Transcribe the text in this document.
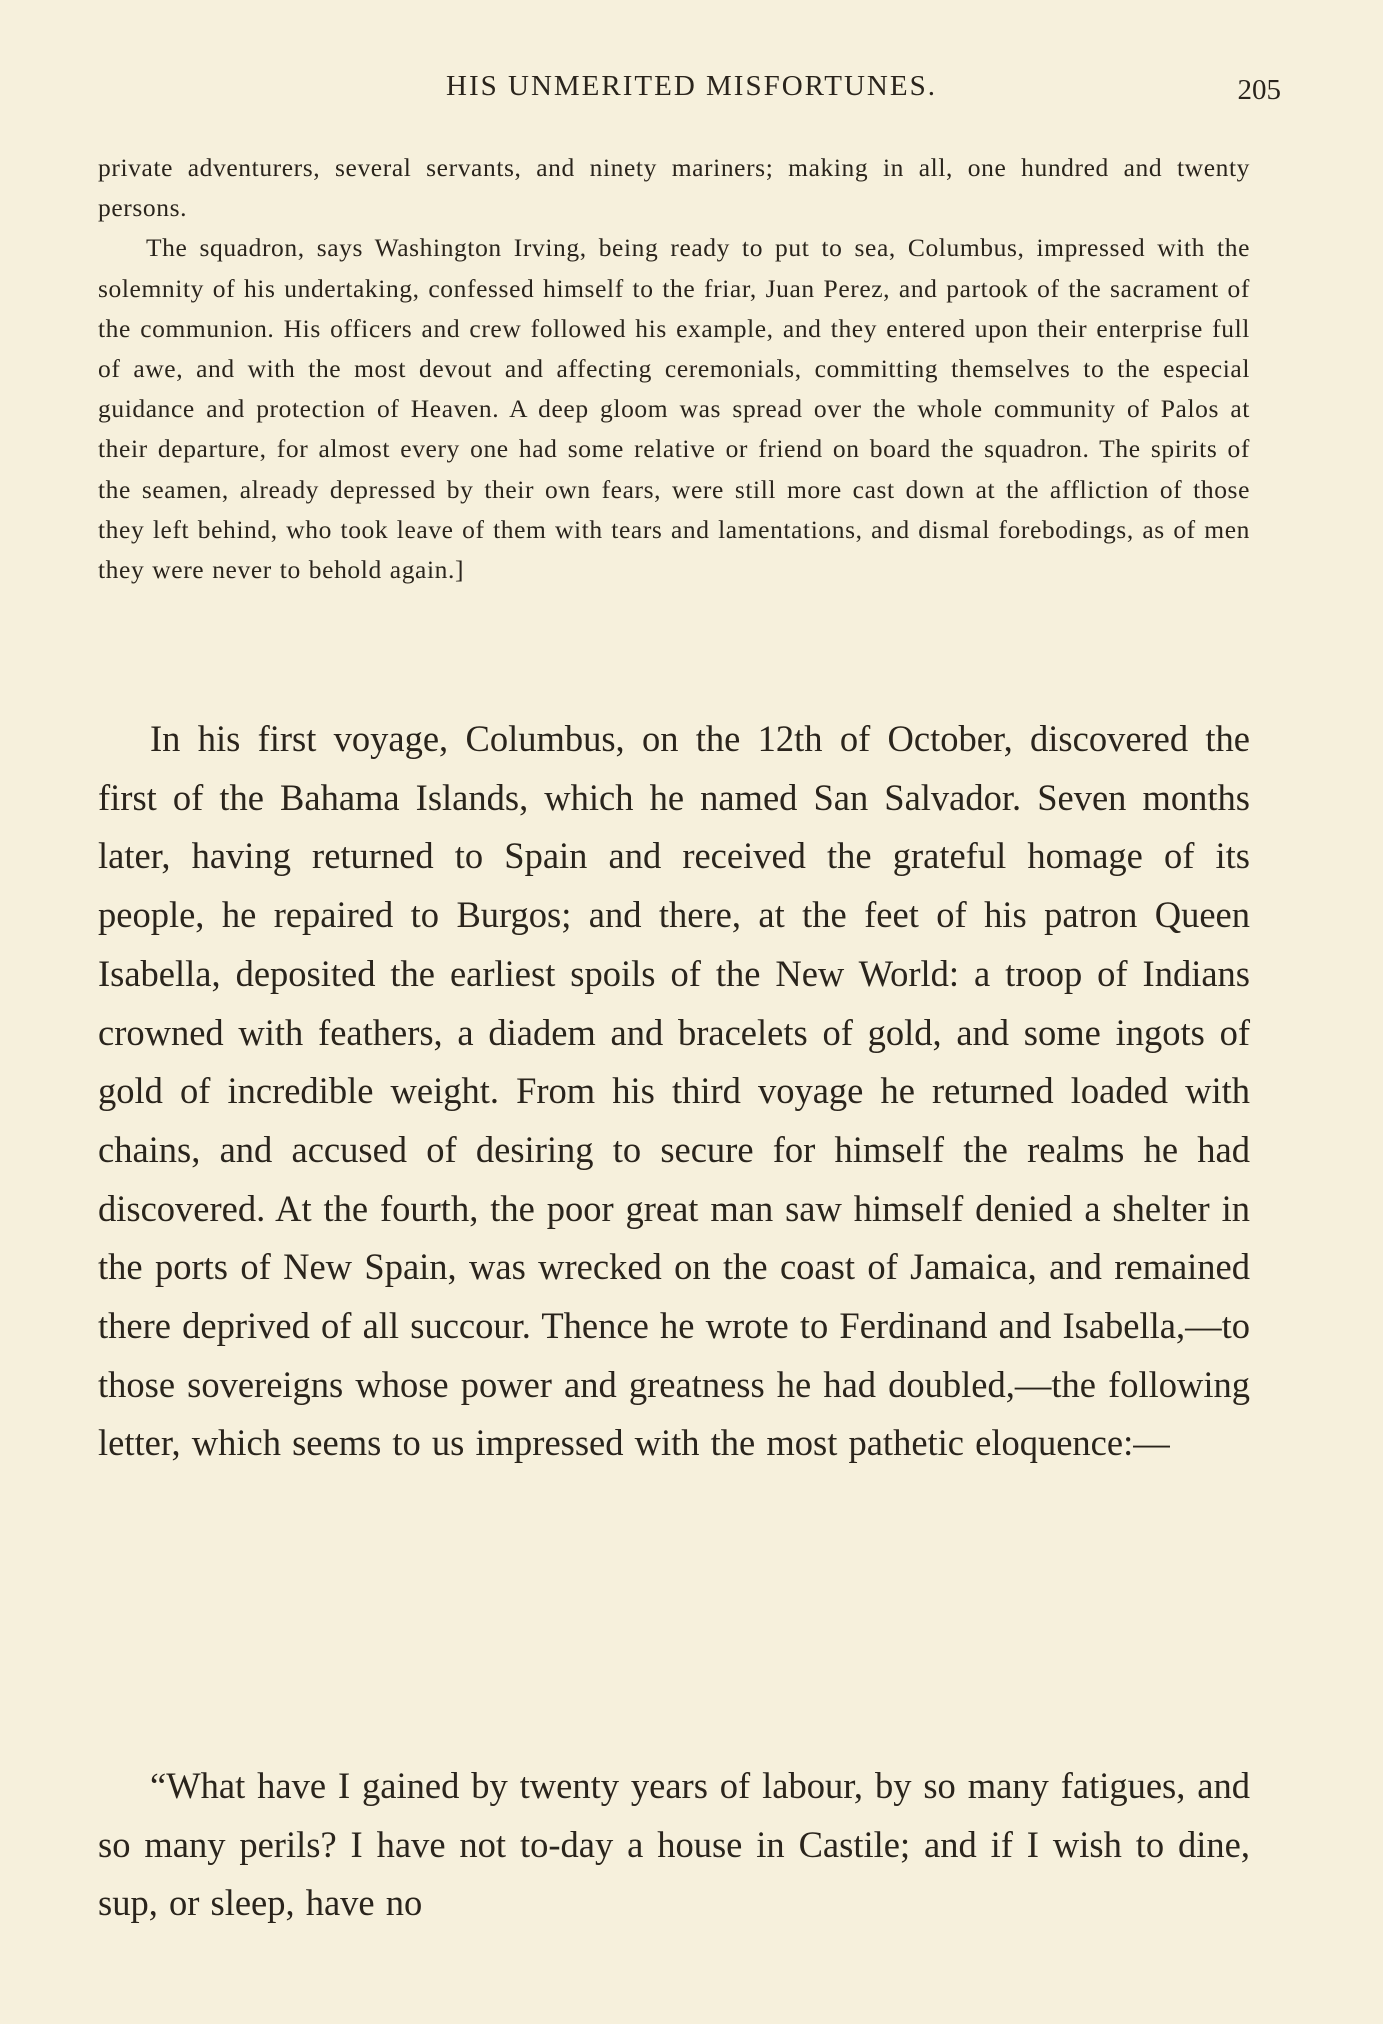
HIS UNMERITED MISFORTUNES.	205

private adventurers, several servants, and ninety mariners; making in all, one hundred and twenty persons.

The squadron, says Washington Irving, being ready to put to sea, Columbus, impressed with the solemnity of his undertaking, confessed himself to the friar, Juan Perez, and partook of the sacrament of the communion. His officers and crew followed his example, and they entered upon their enterprise full of awe, and with the most devout and affecting ceremonials, committing themselves to the especial guidance and protection of Heaven. A deep gloom was spread over the whole community of Palos at their departure, for almost every one had some relative or friend on board the squadron. The spirits of the seamen, already depressed by their own fears, were still more cast down at the affliction of those they left behind, who took leave of them with tears and lamentations, and dismal forebodings, as of men they were never to behold again.]

In his first voyage, Columbus, on the 12th of October, discovered the first of the Bahama Islands, which he named San Salvador. Seven months later, having returned to Spain and received the grateful homage of its people, he repaired to Burgos; and there, at the feet of his patron Queen Isabella, deposited the earliest spoils of the New World: a troop of Indians crowned with feathers, a diadem and bracelets of gold, and some ingots of gold of incredible weight. From his third voyage he returned loaded with chains, and accused of desiring to secure for himself the realms he had discovered. At the fourth, the poor great man saw himself denied a shelter in the ports of New Spain, was wrecked on the coast of Jamaica, and remained there deprived of all succour. Thence he wrote to Ferdinand and Isabella,—to those sovereigns whose power and greatness he had doubled,—the following letter, which seems to us impressed with the most pathetic eloquence:—

“What have I gained by twenty years of labour, by so many fatigues, and so many perils? I have not to-day a house in Castile; and if I wish to dine, sup, or sleep, have no
